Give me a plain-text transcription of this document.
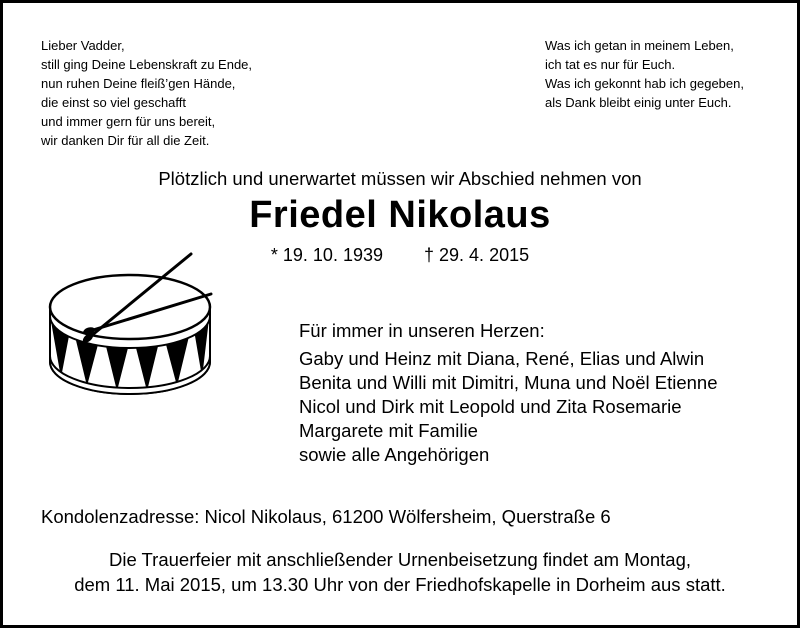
Lieber Vadder,
still ging Deine Lebenskraft zu Ende,
nun ruhen Deine fleiß’gen Hände,
die einst so viel geschafft
und immer gern für uns bereit,
wir danken Dir für all die Zeit.
Was ich getan in meinem Leben,
ich tat es nur für Euch.
Was ich gekonnt hab ich gegeben,
als Dank bleibt einig unter Euch.
Plötzlich und unerwartet müssen wir Abschied nehmen von
Friedel Nikolaus
* 19. 10. 1939 † 29. 4. 2015
Für immer in unseren Herzen:
Gaby und Heinz mit Diana, René, Elias und Alwin
Benita und Willi mit Dimitri, Muna und Noël Etienne
Nicol und Dirk mit Leopold und Zita Rosemarie
Margarete mit Familie
sowie alle Angehörigen
Kondolenzadresse: Nicol Nikolaus, 61200 Wölfersheim, Querstraße 6
Die Trauerfeier mit anschließender Urnenbeisetzung findet am Montag,
dem 11. Mai 2015, um 13.30 Uhr von der Friedhofskapelle in Dorheim aus statt.
